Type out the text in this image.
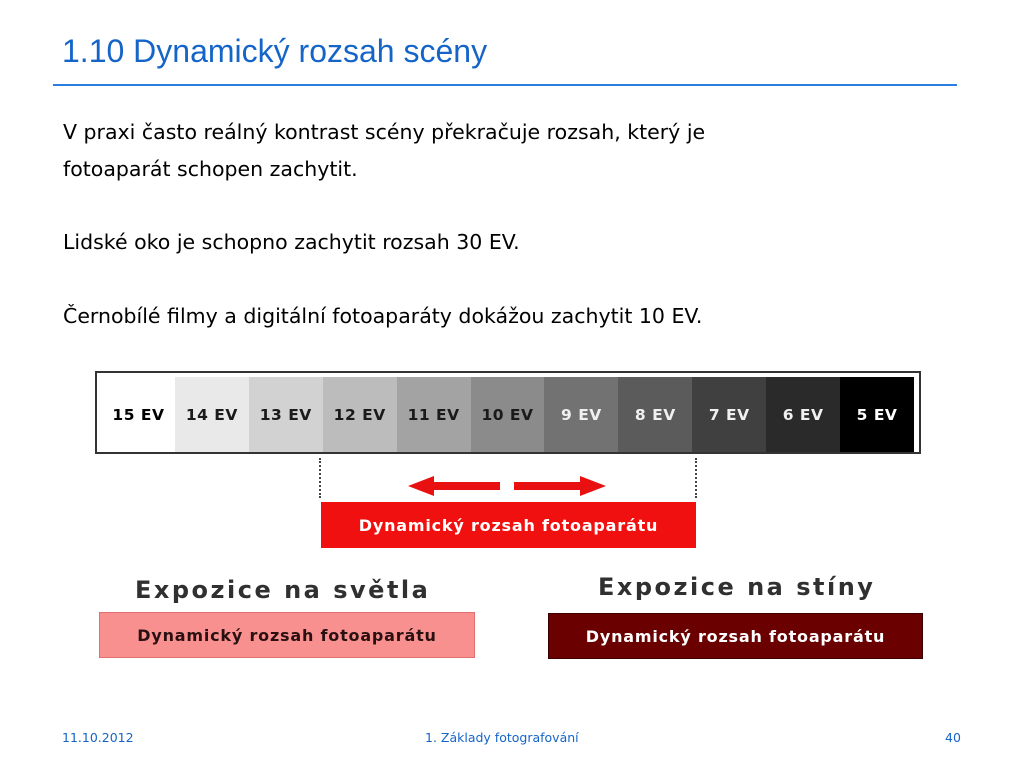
1.10 Dynamický rozsah scény
V praxi často reálný kontrast scény překračuje rozsah, který je
fotoaparát schopen zachytit.
Lidské oko je schopno zachytit rozsah 30 EV.
Černobílé filmy a digitální fotoaparáty dokážou zachytit 10 EV.
15 EV	14 EV	13 EV	12 EV	11 EV	10 EV	9 EV	8 EV	7 EV	6 EV	5 EV
Dynamický rozsah fotoaparátu
Expozice na světla
Dynamický rozsah fotoaparátu
Expozice na stíny
Dynamický rozsah fotoaparátu
11.10.2012	1. Základy fotografování	40
